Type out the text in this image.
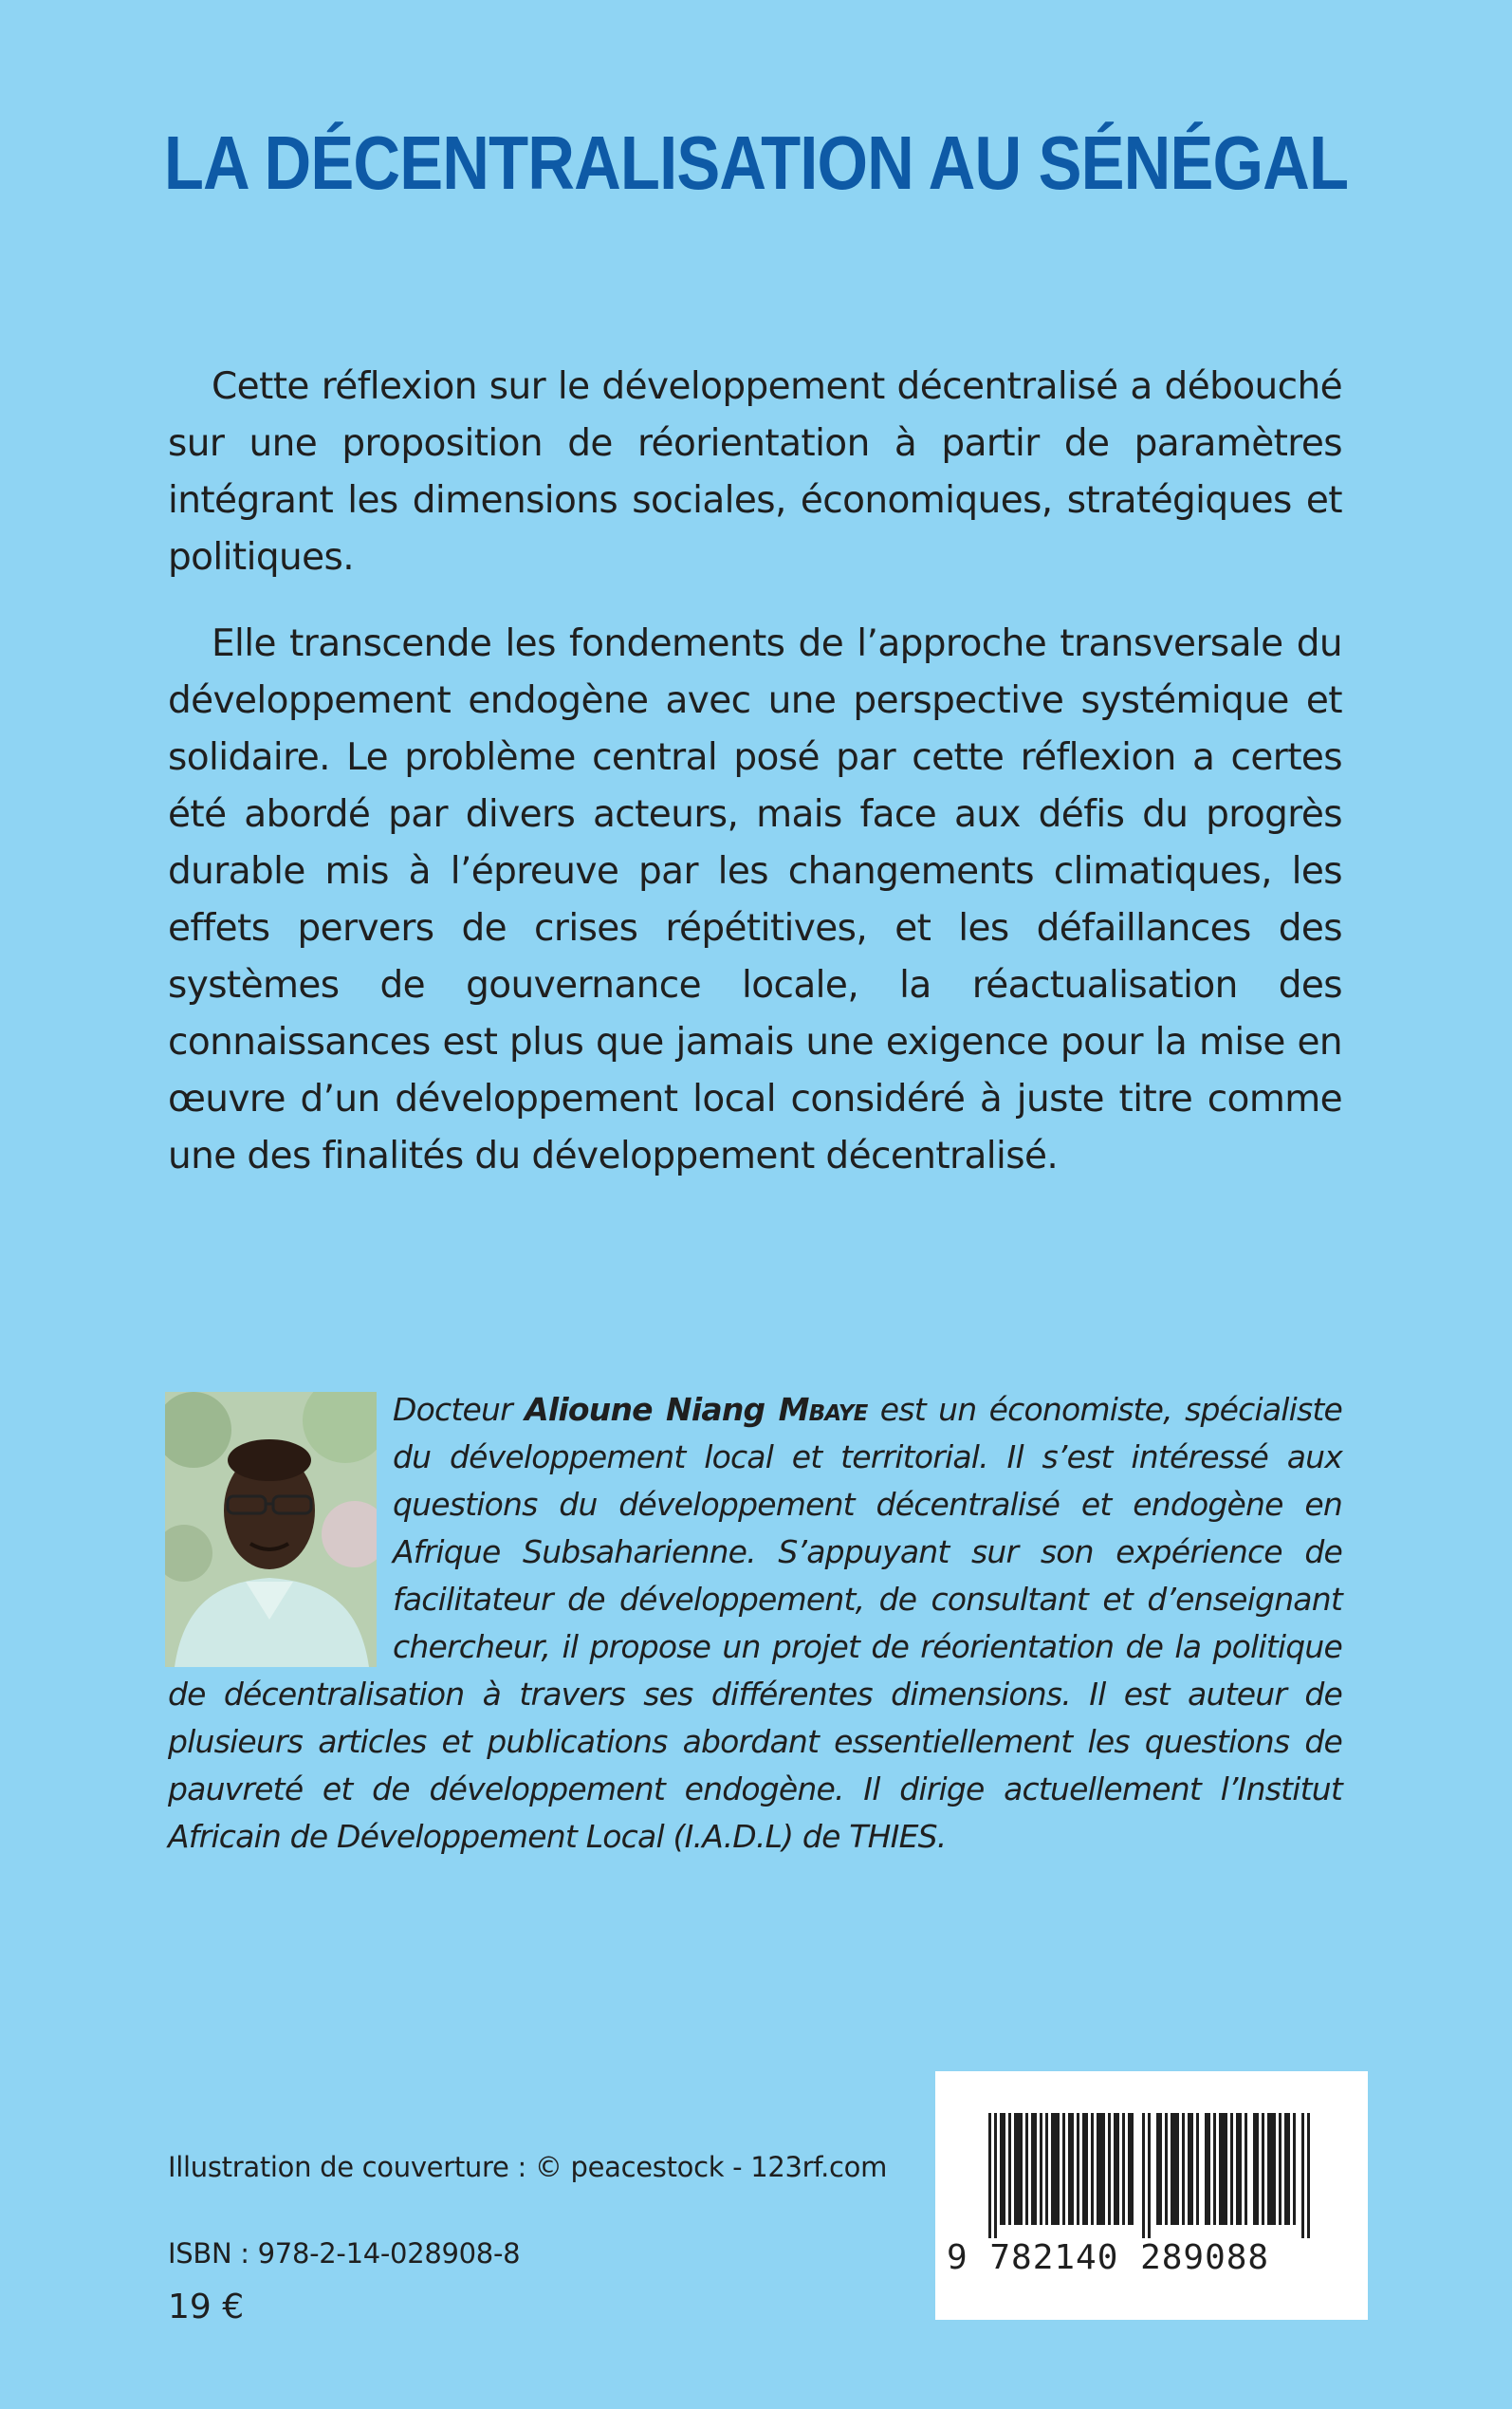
LA DÉCENTRALISATION AU SÉNÉGAL

Cette réflexion sur le développement décentralisé a débouché sur une proposition de réorientation à partir de paramètres intégrant les dimensions sociales, économiques, stratégiques et politiques.

Elle transcende les fondements de l’approche transversale du développement endogène avec une perspective systémique et solidaire. Le problème central posé par cette réflexion a certes été abordé par divers acteurs, mais face aux défis du progrès durable mis à l’épreuve par les changements climatiques, les effets pervers de crises répétitives, et les défaillances des systèmes de gouvernance locale, la réactualisation des connaissances est plus que jamais une exigence pour la mise en œuvre d’un développement local considéré à juste titre comme une des finalités du développement décentralisé.

Docteur Alioune Niang Mbaye est un économiste, spécialiste du développement local et territorial. Il s’est intéressé aux questions du développement décentralisé et endogène en Afrique Subsaharienne. S’appuyant sur son expérience de facilitateur de développement, de consultant et d’enseignant chercheur, il propose un projet de réorientation de la politique de décentralisation à travers ses différentes dimensions. Il est auteur de plusieurs articles et publications abordant essentiellement les questions de pauvreté et de développement endogène. Il dirige actuellement l’Institut Africain de Développement Local (I.A.D.L) de THIES.

Illustration de couverture : © peacestock - 123rf.com
ISBN : 978-2-14-028908-8
19 €
9 782140 289088
